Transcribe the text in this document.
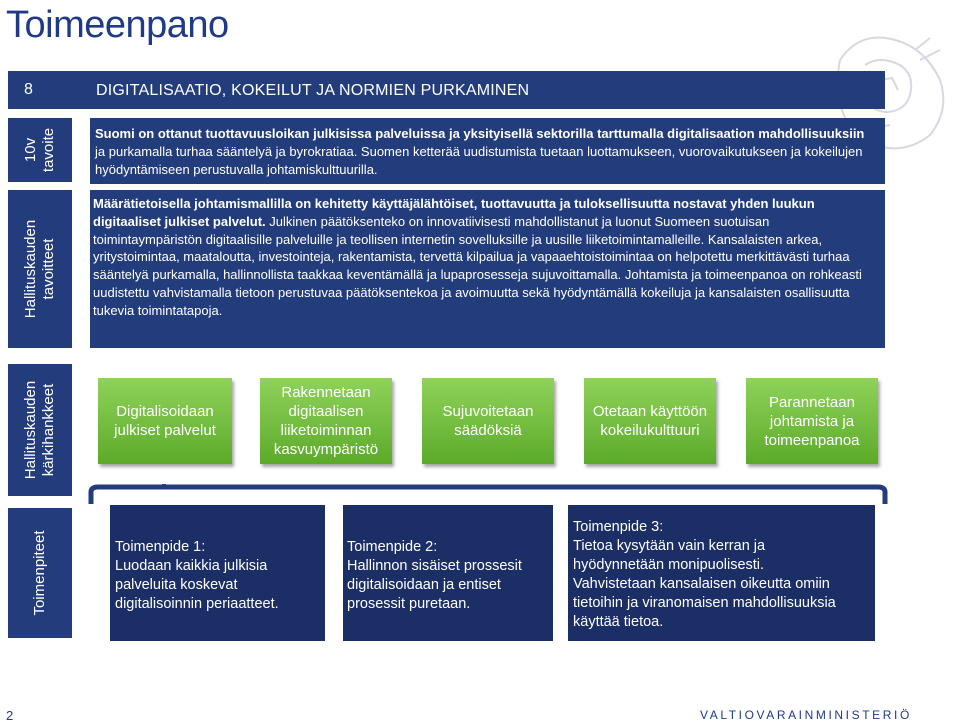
Toimeenpano
8	DIGITALISAATIO, KOKEILUT JA NORMIEN PURKAMINEN
10v
tavoite
Hallituskauden
tavoitteet
Hallituskauden
kärkihankkeet
Toimenpiteet
Suomi on ottanut tuottavuusloikan julkisissa palveluissa ja yksityisellä sektorilla tarttumalla digitalisaation mahdollisuuksiin ja purkamalla turhaa sääntelyä ja byrokratiaa. Suomen ketterää uudistumista tuetaan luottamukseen, vuorovaikutukseen ja kokeilujen hyödyntämiseen perustuvalla johtamiskulttuurilla.
Määrätietoisella johtamismallilla on kehitetty käyttäjälähtöiset, tuottavuutta ja tuloksellisuutta nostavat yhden luukun digitaaliset julkiset palvelut. Julkinen päätöksenteko on innovatiivisesti mahdollistanut ja luonut Suomeen suotuisan toimintaympäristön digitaalisille palveluille ja teollisen internetin sovelluksille ja uusille liiketoimintamalleille. Kansalaisten arkea, yritystoimintaa, maataloutta, investointeja, rakentamista, tervettä kilpailua ja vapaaehtoistoimintaa on helpotettu merkittävästi turhaa sääntelyä purkamalla, hallinnollista taakkaa keventämällä ja lupaprosesseja sujuvoittamalla. Johtamista ja toimeenpanoa on rohkeasti uudistettu vahvistamalla tietoon perustuvaa päätöksentekoa ja avoimuutta sekä hyödyntämällä kokeiluja ja kansalaisten osallisuutta tukevia toimintatapoja.
Digitalisoidaan julkiset palvelut
Rakennetaan digitaalisen liiketoiminnan kasvuympäristö
Sujuvoitetaan säädöksiä
Otetaan käyttöön kokeilukulttuuri
Parannetaan johtamista ja toimeenpanoa
Toimenpide 1:
Luodaan kaikkia julkisia
palveluita koskevat
digitalisoinnin periaatteet.
Toimenpide 2:
Hallinnon sisäiset prossesit
digitalisoidaan ja entiset
prosessit puretaan.
Toimenpide 3:
Tietoa kysytään vain kerran ja
hyödynnetään monipuolisesti.
Vahvistetaan kansalaisen oikeutta omiin
tietoihin ja viranomaisen mahdollisuuksia
käyttää tietoa.
2	VALTIOVARAINMINISTERIÖ
